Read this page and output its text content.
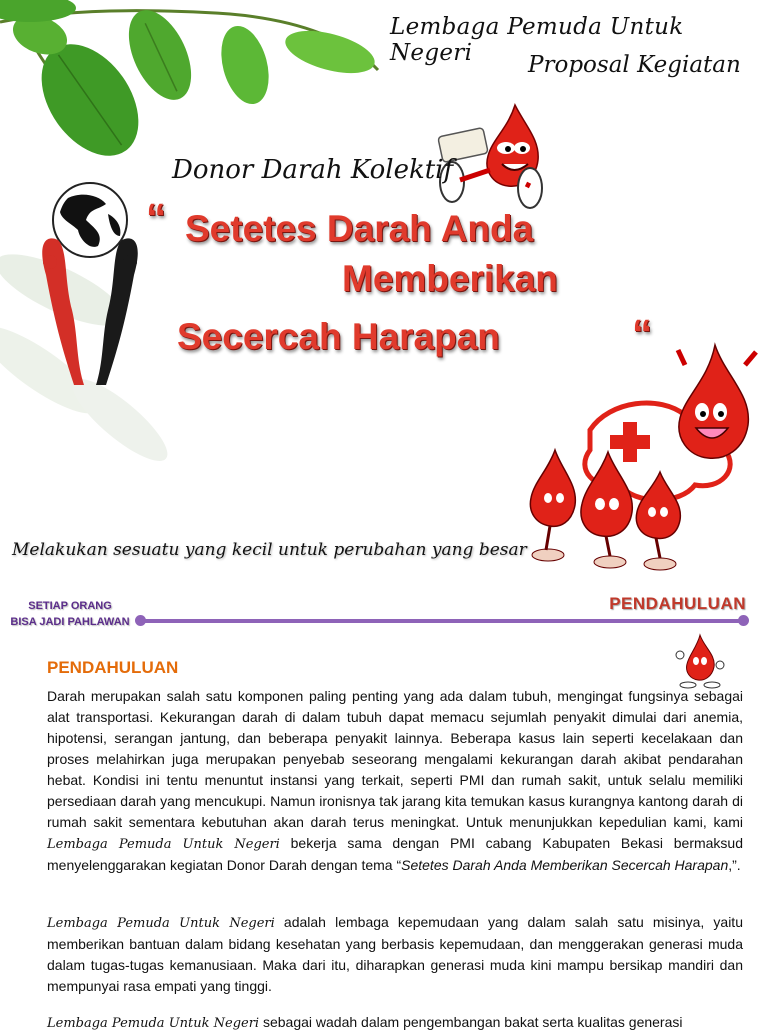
Lembaga Pemuda Untuk Negeri	Proposal Kegiatan
Donor Darah Kolektif
“ Setetes Darah Anda
Memberikan
Secercah Harapan	“
Melakukan sesuatu yang kecil untuk perubahan yang besar
SETIAP ORANG
BISA JADI PAHLAWAN
PENDAHULUAN
PENDAHULUAN

Darah merupakan salah satu komponen paling penting yang ada dalam tubuh, mengingat fungsinya sebagai alat transportasi. Kekurangan darah di dalam tubuh dapat memacu sejumlah penyakit dimulai dari anemia, hipotensi, serangan jantung, dan beberapa penyakit lainnya. Beberapa kasus lain seperti kecelakaan dan proses melahirkan juga merupakan penyebab seseorang mengalami kekurangan darah akibat pendarahan hebat. Kondisi ini tentu menuntut instansi yang terkait, seperti PMI dan rumah sakit, untuk selalu memiliki persediaan darah yang mencukupi. Namun ironisnya tak jarang kita temukan kasus kurangnya kantong darah di rumah sakit sementara kebutuhan akan darah terus meningkat. Untuk menunjukkan kepedulian kami, kami Lembaga Pemuda Untuk Negeri bekerja sama dengan PMI cabang Kabupaten Bekasi bermaksud menyelenggarakan kegiatan Donor Darah dengan tema “Setetes Darah Anda Memberikan Secercah Harapan,”.

Lembaga Pemuda Untuk Negeri adalah lembaga kepemudaan yang dalam salah satu misinya, yaitu memberikan bantuan dalam bidang kesehatan yang berbasis kepemudaan, dan menggerakan generasi muda dalam tugas-tugas kemanusiaan. Maka dari itu, diharapkan generasi muda kini mampu bersikap mandiri dan mempunyai rasa empati yang tinggi.

Lembaga Pemuda Untuk Negeri sebagai wadah dalam pengembangan bakat serta kualitas generasi
